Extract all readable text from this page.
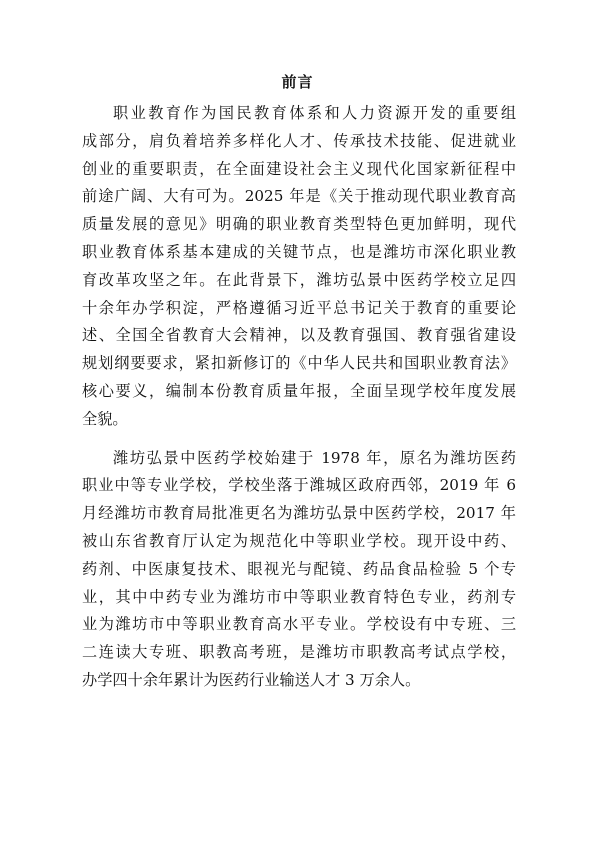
前言
职业教育作为国民教育体系和人力资源开发的重要组
成部分，肩负着培养多样化人才、传承技术技能、促进就业
创业的重要职责，在全面建设社会主义现代化国家新征程中
前途广阔、大有可为。2025 年是《关于推动现代职业教育高
质量发展的意见》明确的职业教育类型特色更加鲜明，现代
职业教育体系基本建成的关键节点，也是潍坊市深化职业教
育改革攻坚之年。在此背景下，潍坊弘景中医药学校立足四
十余年办学积淀，严格遵循习近平总书记关于教育的重要论
述、全国全省教育大会精神，以及教育强国、教育强省建设
规划纲要要求，紧扣新修订的《中华人民共和国职业教育法》
核心要义，编制本份教育质量年报，全面呈现学校年度发展
全貌。
潍坊弘景中医药学校始建于 1978 年，原名为潍坊医药
职业中等专业学校，学校坐落于潍城区政府西邻，2019 年 6
月经潍坊市教育局批准更名为潍坊弘景中医药学校，2017 年
被山东省教育厅认定为规范化中等职业学校。现开设中药、
药剂、中医康复技术、眼视光与配镜、药品食品检验 5 个专
业，其中中药专业为潍坊市中等职业教育特色专业，药剂专
业为潍坊市中等职业教育高水平专业。学校设有中专班、三
二连读大专班、职教高考班，是潍坊市职教高考试点学校，
办学四十余年累计为医药行业输送人才 3 万余人。
